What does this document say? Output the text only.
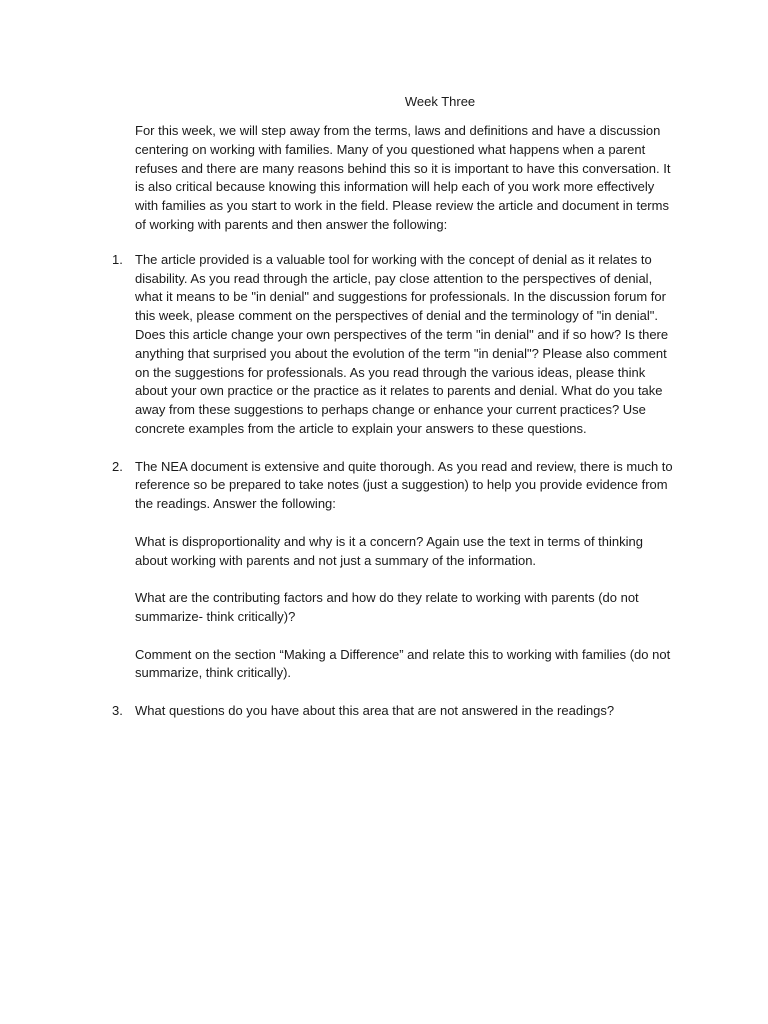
Week Three

For this week, we will step away from the terms, laws and definitions and have a discussion centering on working with families. Many of you questioned what happens when a parent refuses and there are many reasons behind this so it is important to have this conversation. It is also critical because knowing this information will help each of you work more effectively with families as you start to work in the field. Please review the article and document in terms of working with parents and then answer the following:

1. The article provided is a valuable tool for working with the concept of denial as it relates to disability. As you read through the article, pay close attention to the perspectives of denial, what it means to be "in denial" and suggestions for professionals. In the discussion forum for this week, please comment on the perspectives of denial and the terminology of "in denial". Does this article change your own perspectives of the term "in denial" and if so how? Is there anything that surprised you about the evolution of the term "in denial"? Please also comment on the suggestions for professionals. As you read through the various ideas, please think about your own practice or the practice as it relates to parents and denial. What do you take away from these suggestions to perhaps change or enhance your current practices? Use concrete examples from the article to explain your answers to these questions.

2. The NEA document is extensive and quite thorough. As you read and review, there is much to reference so be prepared to take notes (just a suggestion) to help you provide evidence from the readings. Answer the following:

What is disproportionality and why is it a concern? Again use the text in terms of thinking about working with parents and not just a summary of the information.

What are the contributing factors and how do they relate to working with parents (do not summarize- think critically)?

Comment on the section “Making a Difference” and relate this to working with families (do not summarize, think critically).

3. What questions do you have about this area that are not answered in the readings?
